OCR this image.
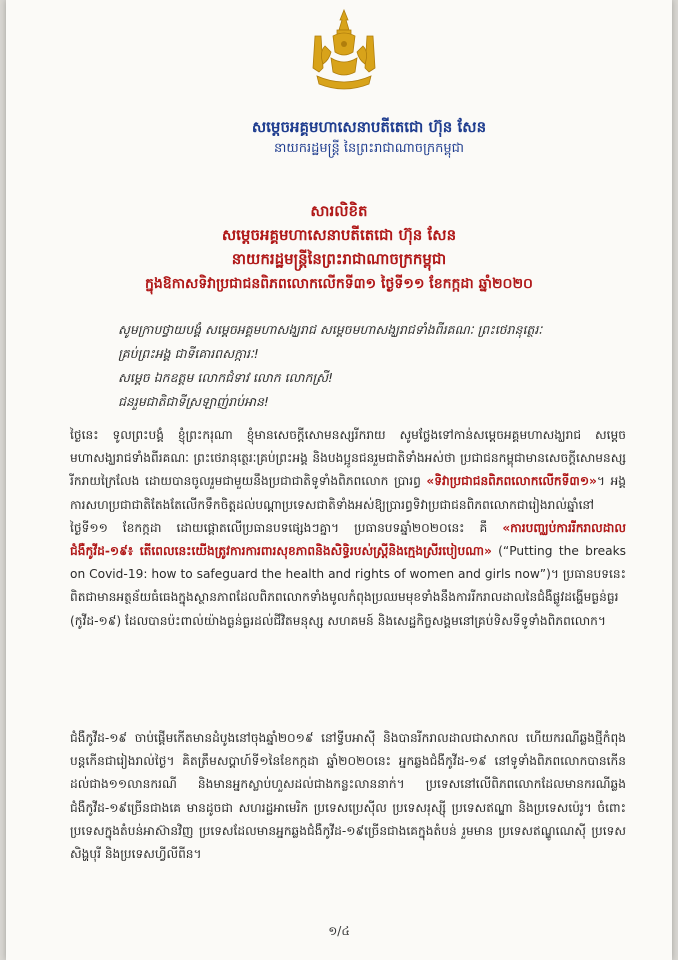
សម្តេចអគ្គមហាសេនាបតីតេជោ ហ៊ុន សែន
នាយករដ្ឋមន្ត្រី នៃព្រះរាជាណាចក្រកម្ពុជា
សារលិខិត
សម្តេចអគ្គមហាសេនាបតីតេជោ ហ៊ុន សែន
នាយករដ្ឋមន្ត្រីនៃព្រះរាជាណាចក្រកម្ពុជា
ក្នុងឱកាសទិវាប្រជាជនពិភពលោកលើកទី៣១ ថ្ងៃទី១១ ខែកក្កដា ឆ្នាំ២០២០
សូមក្រាបថ្វាយបង្គំ សម្តេចអគ្គមហាសង្ឃរាជ សម្តេចមហាសង្ឃរាជទាំងពីរគណៈ ព្រះថេរានុត្ថេរៈ
គ្រប់ព្រះអង្គ ជាទីគោរពសក្ការៈ!
សម្តេច ឯកឧត្តម លោកជំទាវ លោក លោកស្រី!
ជនរួមជាតិជាទីស្រឡាញ់រាប់អាន!
ថ្ងៃនេះ ទូលព្រះបង្គំ ខ្ញុំព្រះករុណា ខ្ញុំមានសេចក្តីសោមនស្សរីករាយ សូមថ្លែងទៅកាន់សម្តេចអគ្គមហាសង្ឃរាជ សម្តេចមហាសង្ឃរាជទាំងពីរគណៈ ព្រះថេរានុត្ថេរៈគ្រប់ព្រះអង្គ និងបងប្អូនជនរួមជាតិទាំងអស់ថា ប្រជាជនកម្ពុជាមានសេចក្តីសោមនស្សរីករាយក្រៃលែង ដោយបានចូលរួមជាមួយនឹងប្រជាជាតិទូទាំងពិភពលោក ប្រារព្ធ «ទិវាប្រជាជនពិភពលោកលើកទី៣១»។ អង្គការសហប្រជាជាតិតែងតែលើកទឹកចិត្តដល់បណ្តាប្រទេសជាតិទាំងអស់ឱ្យប្រារព្ធទិវាប្រជាជនពិភពលោកជារៀងរាល់ឆ្នាំនៅថ្ងៃទី១១ ខែកក្កដា ដោយផ្តោតលើប្រធានបទផ្សេងៗគ្នា។ ប្រធានបទឆ្នាំ២០២០នេះ គឺ «ការបញ្ឈប់ការរីករាលដាលជំងឺកូវីដ-១៩៖ តើពេលនេះយើងត្រូវការការពារសុខភាពនិងសិទ្ធិរបស់ស្ត្រីនិងក្មេងស្រីរបៀបណា» (“Putting the breaks on Covid-19: how to safeguard the health and rights of women and girls now”)។ ប្រធានបទនេះពិតជាមានអត្ថន័យធំធេងក្នុងស្ថានភាពដែលពិភពលោកទាំងមូលកំពុងប្រឈមមុខទាំងនឹងការរីករាលដាលនៃជំងឺផ្លូវដង្ហើមធ្ងន់ធ្ងរ (កូវីដ-១៩) ដែលបានប៉ះពាល់យ៉ាងធ្ងន់ធ្ងរដល់ជីវិតមនុស្ស សហគមន៍ និងសេដ្ឋកិច្ចសង្គមនៅគ្រប់ទិសទីទូទាំងពិភពលោក។
ជំងឺកូវីដ-១៩ ចាប់ផ្តើមកើតមានដំបូងនៅចុងឆ្នាំ២០១៩ នៅទ្វីបអាស៊ី និងបានរីករាលដាលជាសាកល ហើយករណីឆ្លងថ្មីកំពុងបន្តកើនជារៀងរាល់ថ្ងៃ។ គិតត្រឹមសប្តាហ៍ទី១នៃខែកក្កដា ឆ្នាំ២០២០នេះ អ្នកឆ្លងជំងឺកូវីដ-១៩ នៅទូទាំងពិភពលោកបានកើនដល់ជាង១១លានករណី និងមានអ្នកស្លាប់ហួសដល់ជាងកន្លះលាននាក់។ ប្រទេសនៅលើពិភពលោកដែលមានករណីឆ្លងជំងឺកូវីដ-១៩ច្រើនជាងគេ មានដូចជា សហរដ្ឋអាមេរិក ប្រទេសប្រេស៊ីល ប្រទេសរុស្ស៊ី ប្រទេសឥណ្ឌា និងប្រទេសប៉េរូ។ ចំពោះប្រទេសក្នុងតំបន់អាស៊ានវិញ ប្រទេសដែលមានអ្នកឆ្លងជំងឺកូវីដ-១៩ច្រើនជាងគេក្នុងតំបន់ រួមមាន ប្រទេសឥណ្ឌូណេស៊ី ប្រទេសសិង្ហបុរី និងប្រទេសហ្វីលីពីន។
១/៤
